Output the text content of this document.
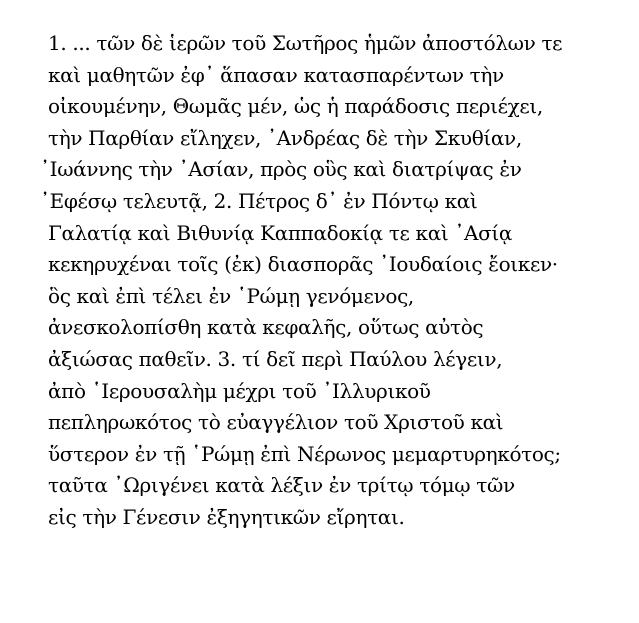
1. ... τῶν δὲ ἱερῶν τοῦ Σωτῆρος ἡμῶν ἀποστόλων τε
καὶ μαθητῶν ἐφ᾽ ἅπασαν κατασπαρέντων τὴν
οἰκουμένην, Θωμᾶς μέν, ὡς ἡ παράδοσις περιέχει,
τὴν Παρθίαν εἴληχεν, ᾽Ανδρέας δὲ τὴν Σκυθίαν,
᾽Ιωάννης τὴν ᾽Ασίαν, πρὸς οὓς καὶ διατρίψας ἐν
᾽Εφέσῳ τελευτᾷ, 2. Πέτρος δ᾽ ἐν Πόντῳ καὶ
Γαλατίᾳ καὶ Βιθυνίᾳ Καππαδοκίᾳ τε καὶ ᾽Ασίᾳ
κεκηρυχέναι τοῖς (ἐκ) διασπορᾶς ᾽Ιουδαίοις ἔοικεν·
ὃς καὶ ἐπὶ τέλει ἐν ῾Ρώμῃ γενόμενος,
ἀνεσκολοπίσθη κατὰ κεφαλῆς, οὕτως αὐτὸς
ἀξιώσας παθεῖν. 3. τί δεῖ περὶ Παύλου λέγειν,
ἀπὸ ῾Ιερουσαλὴμ μέχρι τοῦ ᾽Ιλλυρικοῦ
πεπληρωκότος τὸ εὐαγγέλιον τοῦ Χριστοῦ καὶ
ὕστερον ἐν τῇ ῾Ρώμῃ ἐπὶ Νέρωνος μεμαρτυρηκότος;
ταῦτα ᾽Ωριγένει κατὰ λέξιν ἐν τρίτῳ τόμῳ τῶν
εἰς τὴν Γένεσιν ἐξηγητικῶν εἴρηται.
